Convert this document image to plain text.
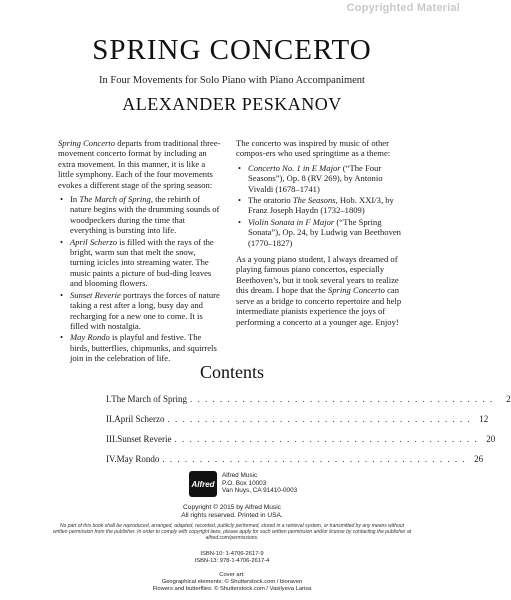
Copyrighted Material
SPRING CONCERTO
In Four Movements for Solo Piano with Piano Accompaniment
ALEXANDER PESKANOV

Spring Concerto departs from traditional three-movement concerto format by including an extra movement. In this manner, it is like a little symphony. Each of the four movements evokes a different stage of the spring season:

• In The March of Spring, the rebirth of nature begins with the drumming sounds of woodpeckers during the time that everything is bursting into life.
• April Scherzo is filled with the rays of the bright, warm sun that melt the snow, turning icicles into streaming water. The music paints a picture of bud-ding leaves and blooming flowers.
• Sunset Reverie portrays the forces of nature taking a rest after a long, busy day and recharging for a new one to come. It is filled with nostalgia.
• May Rondo is playful and festive. The birds, butterflies, chipmunks, and squirrels join in the celebration of life.

The concerto was inspired by music of other compos-ers who used springtime as a theme:

• Concerto No. 1 in E Major (“The Four Seasons”), Op. 8 (RV 269), by Antonio Vivaldi (1678–1741)
• The oratorio The Seasons, Hob. XXI/3, by Franz Joseph Haydn (1732–1809)
• Violin Sonata in F Major (“The Spring Sonata”), Op. 24, by Ludwig van Beethoven (1770–1827)

As a young piano student, I always dreamed of playing famous piano concertos, especially Beethoven’s, but it took several years to realize this dream. I hope that the Spring Concerto can serve as a bridge to concerto repertoire and help intermediate pianists experience the joys of performing a concerto at a younger age. Enjoy!

Contents
I. The March of Spring . . . . . . . . . . . . . . . . . . . . . . . . . . . . . . . . . . . . . . . . .	2
II. April Scherzo . . . . . . . . . . . . . . . . . . . . . . . . . . . . . . . . . . . . . . . . . 12
III. Sunset Reverie . . . . . . . . . . . . . . . . . . . . . . . . . . . . . . . . . . . . . . . . . 20
IV. May Rondo . . . . . . . . . . . . . . . . . . . . . . . . . . . . . . . . . . . . . . . . . 26
Alfred
Alfred Music
P.O. Box 10003
Van Nuys, CA 91410-0003
Copyright © 2015 by Alfred Music
All rights reserved. Printed in USA.
No part of this book shall be reproduced, arranged, adapted, recorded, publicly performed, stored in a retrieval system, or transmitted by any means without written permission from the publisher. In order to comply with copyright laws, please apply for such written permission and/or license by contacting the publisher at alfred.com/permissions.
ISBN-10: 1-4706-2617-9
ISBN-13: 978-1-4706-2617-4
Cover art:
Geographical elements: © Shutterstock.com / bioraven
Flowers and butterflies: © Shutterstock.com / Vasilyeva Larisa
